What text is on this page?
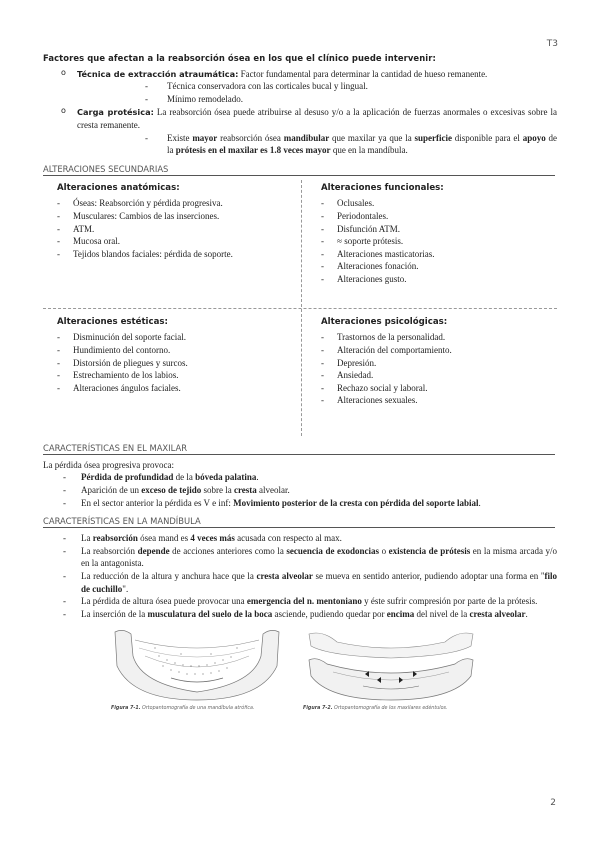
T3
Factores que afectan a la reabsorción ósea en los que el clínico puede intervenir:
o Técnica de extracción atraumática: Factor fundamental para determinar la cantidad de hueso remanente.
- Técnica conservadora con las corticales bucal y lingual.
- Mínimo remodelado.
o Carga protésica: La reabsorción ósea puede atribuirse al desuso y/o a la aplicación de fuerzas anormales o excesivas sobre la cresta remanente.
- Existe mayor reabsorción ósea mandibular que maxilar ya que la superficie disponible para el apoyo de la prótesis en el maxilar es 1.8 veces mayor que en la mandíbula.
ALTERACIONES SECUNDARIAS
Alteraciones anatómicas:
- Óseas: Reabsorción y pérdida progresiva.
- Musculares: Cambios de las inserciones.
- ATM.
- Mucosa oral.
- Tejidos blandos faciales: pérdida de soporte.
Alteraciones funcionales:
- Oclusales.
- Periodontales.
- Disfunción ATM.
- ≈ soporte prótesis.
- Alteraciones masticatorias.
- Alteraciones fonación.
- Alteraciones gusto.
Alteraciones estéticas:
- Disminución del soporte facial.
- Hundimiento del contorno.
- Distorsión de pliegues y surcos.
- Estrechamiento de los labios.
- Alteraciones ángulos faciales.
Alteraciones psicológicas:
- Trastornos de la personalidad.
- Alteración del comportamiento.
- Depresión.
- Ansiedad.
- Rechazo social y laboral.
- Alteraciones sexuales.
CARACTERÍSTICAS EN EL MAXILAR
La pérdida ósea progresiva provoca:
- Pérdida de profundidad de la bóveda palatina.
- Aparición de un exceso de tejido sobre la cresta alveolar.
- En el sector anterior la pérdida es V e inf: Movimiento posterior de la cresta con pérdida del soporte labial.
CARACTERÍSTICAS EN LA MANDÍBULA
- La reabsorción ósea mand es 4 veces más acusada con respecto al max.
- La reabsorción depende de acciones anteriores como la secuencia de exodoncias o existencia de prótesis en la misma arcada y/o en la antagonista.
- La reducción de la altura y anchura hace que la cresta alveolar se mueva en sentido anterior, pudiendo adoptar una forma en "filo de cuchillo".
- La pérdida de altura ósea puede provocar una emergencia del n. mentoniano y éste sufrir compresión por parte de la prótesis.
- La inserción de la musculatura del suelo de la boca asciende, pudiendo quedar por encima del nivel de la cresta alveolar.
Figura 7-1. Ortopantomografía de una mandíbula atrófica.	Figura 7-2. Ortopantomografía de los maxilares edéntulos.
2
